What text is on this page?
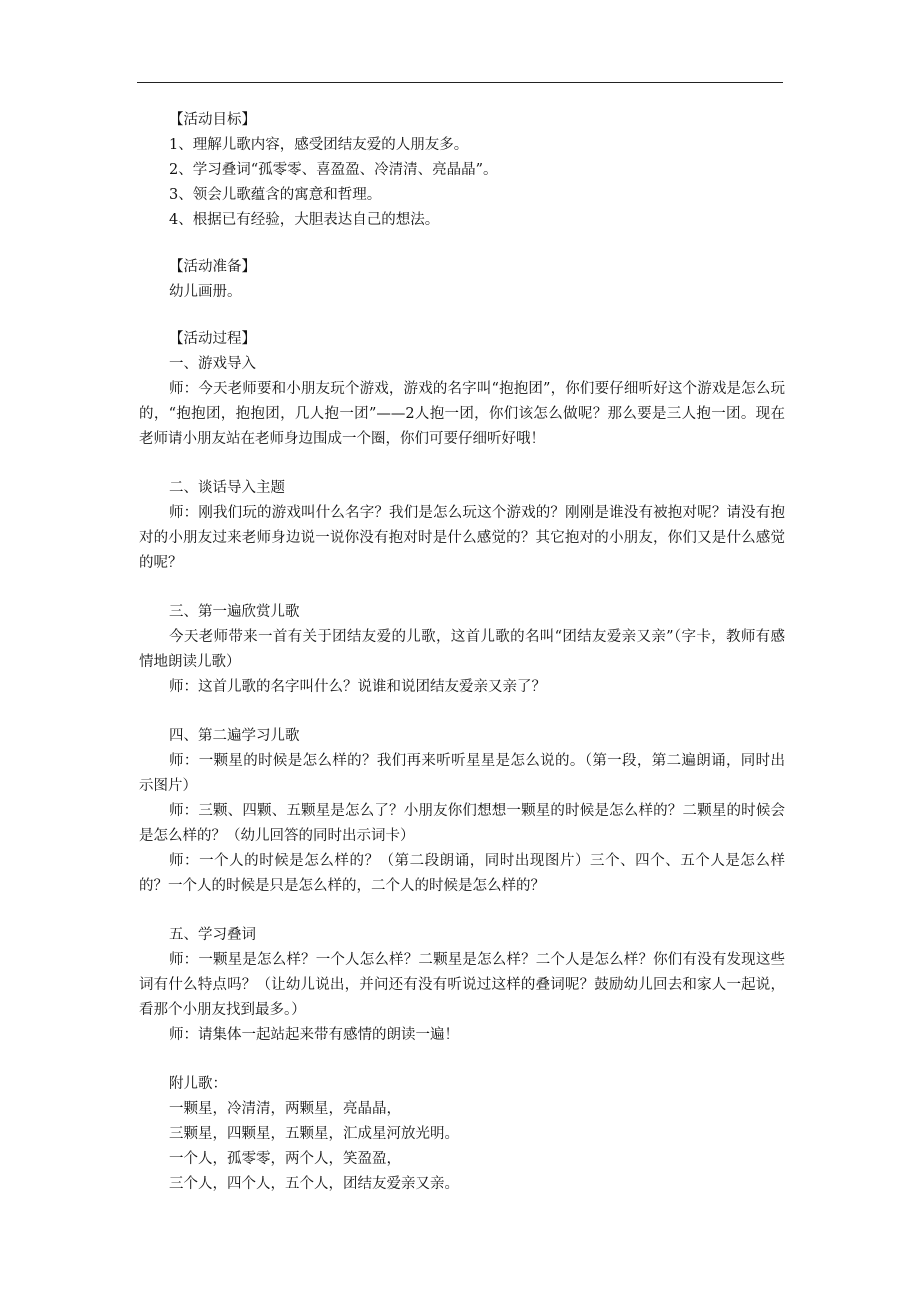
【活动目标】
1、理解儿歌内容，感受团结友爱的人朋友多。
2、学习叠词“孤零零、喜盈盈、冷清清、亮晶晶”。
3、领会儿歌蕴含的寓意和哲理。
4、根据已有经验，大胆表达自己的想法。
【活动准备】
幼儿画册。
【活动过程】
一、游戏导入
师：今天老师要和小朋友玩个游戏，游戏的名字叫“抱抱团”，你们要仔细听好这个游戏是怎么玩的，“抱抱团，抱抱团，几人抱一团”——2人抱一团，你们该怎么做呢？那么要是三人抱一团。现在老师请小朋友站在老师身边围成一个圈，你们可要仔细听好哦！
二、谈话导入主题
师：刚我们玩的游戏叫什么名字？我们是怎么玩这个游戏的？刚刚是谁没有被抱对呢？请没有抱对的小朋友过来老师身边说一说你没有抱对时是什么感觉的？其它抱对的小朋友，你们又是什么感觉的呢？
三、第一遍欣赏儿歌
今天老师带来一首有关于团结友爱的儿歌，这首儿歌的名叫“团结友爱亲又亲”（字卡，教师有感情地朗读儿歌）
师：这首儿歌的名字叫什么？说谁和说团结友爱亲又亲了？
四、第二遍学习儿歌
师：一颗星的时候是怎么样的？我们再来听听星星是怎么说的。（第一段，第二遍朗诵，同时出示图片）
师：三颗、四颗、五颗星是怎么了？小朋友你们想想一颗星的时候是怎么样的？二颗星的时候会是怎么样的？（幼儿回答的同时出示词卡）
师：一个人的时候是怎么样的？（第二段朗诵，同时出现图片）三个、四个、五个人是怎么样的？一个人的时候是只是怎么样的，二个人的时候是怎么样的？
五、学习叠词
师：一颗星是怎么样？一个人怎么样？二颗星是怎么样？二个人是怎么样？你们有没有发现这些词有什么特点吗？（让幼儿说出，并问还有没有听说过这样的叠词呢？鼓励幼儿回去和家人一起说，看那个小朋友找到最多。）
师：请集体一起站起来带有感情的朗读一遍！
附儿歌：
一颗星，冷清清，两颗星，亮晶晶，
三颗星，四颗星，五颗星，汇成星河放光明。
一个人，孤零零，两个人，笑盈盈，
三个人，四个人，五个人，团结友爱亲又亲。
